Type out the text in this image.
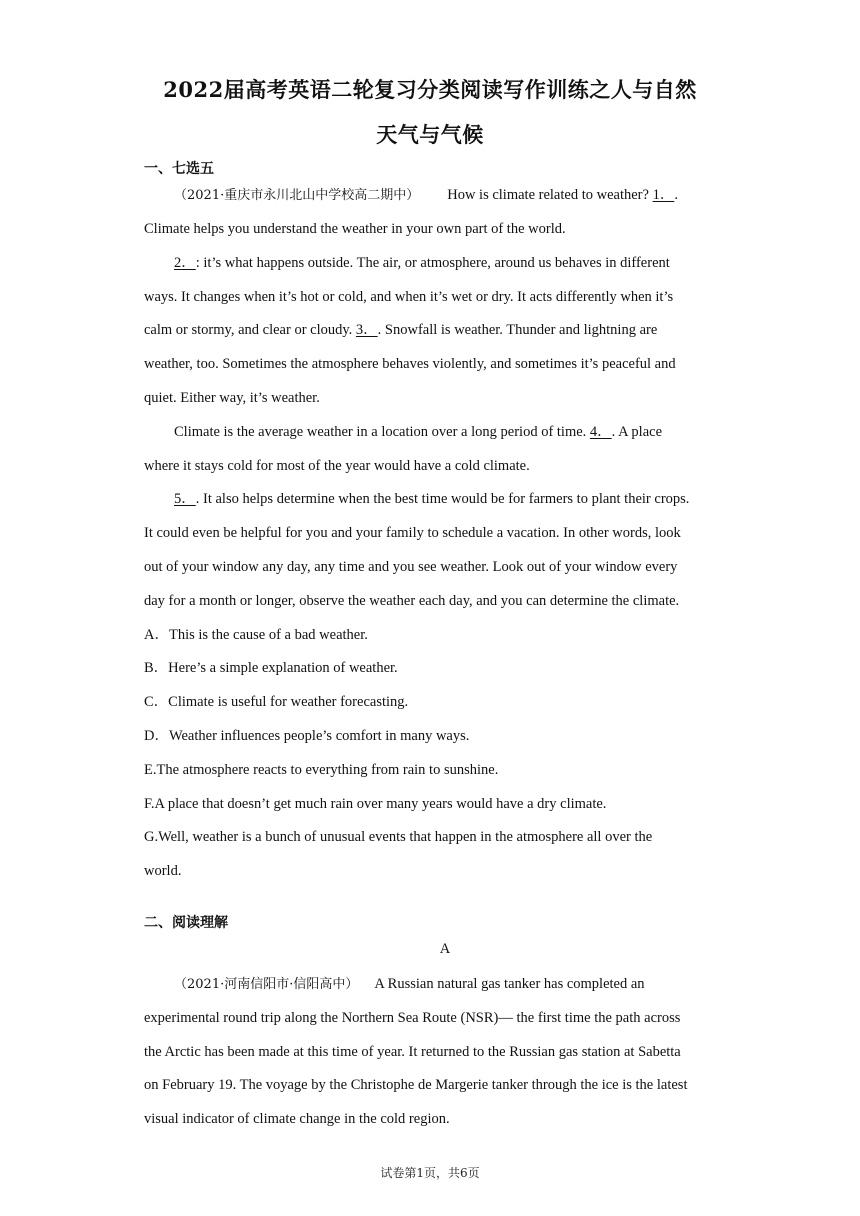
2022届高考英语二轮复习分类阅读写作训练之人与自然
天气与气候
一、七选五
（2021·重庆市永川北山中学校高二期中） How is climate related to weather? 1．.
Climate helps you understand the weather in your own part of the world.
2．: it’s what happens outside. The air, or atmosphere, around us behaves in different
ways. It changes when it’s hot or cold, and when it’s wet or dry. It acts differently when it’s
calm or stormy, and clear or cloudy. 3．. Snowfall is weather. Thunder and lightning are
weather, too. Sometimes the atmosphere behaves violently, and sometimes it’s peaceful and
quiet. Either way, it’s weather.
Climate is the average weather in a location over a long period of time. 4．. A place
where it stays cold for most of the year would have a cold climate.
5．. It also helps determine when the best time would be for farmers to plant their crops.
It could even be helpful for you and your family to schedule a vacation. In other words, look
out of your window any day, any time and you see weather. Look out of your window every
day for a month or longer, observe the weather each day, and you can determine the climate.
A．This is the cause of a bad weather.
B．Here’s a simple explanation of weather.
C．Climate is useful for weather forecasting.
D．Weather influences people’s comfort in many ways.
E.The atmosphere reacts to everything from rain to sunshine.
F.A place that doesn’t get much rain over many years would have a dry climate.
G.Well, weather is a bunch of unusual events that happen in the atmosphere all over the
world.
二、阅读理解
A
（2021·河南信阳市·信阳高中） A Russian natural gas tanker has completed an
experimental round trip along the Northern Sea Route (NSR)— the first time the path across
the Arctic has been made at this time of year. It returned to the Russian gas station at Sabetta
on February 19. The voyage by the Christophe de Margerie tanker through the ice is the latest
visual indicator of climate change in the cold region.
试卷第1页，共6页
